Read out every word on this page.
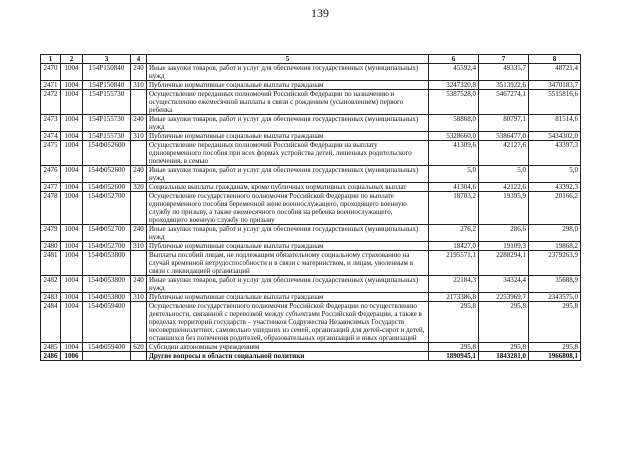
139
1	2	3	4	5	6	7	8
2470	1004	154Р150840	240	Иные закупки товаров, работ и услуг для обеспечения государственных (муниципальных) нужд	45592,4	49335,7	48721,4
2471	1004	154Р150840	310	Публичные нормативные социальные выплаты гражданам	3247320,8	3513922,6	3470183,7
2472	1004	154Р155730		Осуществление переданных полномочий Российской Федерации по назначению и осуществлению ежемесячной выплаты в связи с рождением (усыновлением) первого ребенка	5387528,0	5467274,1	5515816,6
2473	1004	154Р155730	240	Иные закупки товаров, работ и услуг для обеспечения государственных (муниципальных) нужд	58868,0	80797,1	81514,6
2474	1004	154Р155730	310	Публичные нормативные социальные выплаты гражданам	5328660,0	5386477,0	5434302,0
2475	1004	154Ф052600		Осуществление переданных полномочий Российской Федерации на выплату единовременного пособия при всех формах устройства детей, лишенных родительского попечения, в семью	41309,6	42127,6	43397,3
2476	1004	154Ф052600	240	Иные закупки товаров, работ и услуг для обеспечения государственных (муниципальных) нужд	5,0	5,0	5,0
2477	1004	154Ф052600	320	Социальные выплаты гражданам, кроме публичных нормативных социальных выплат	41304,6	42122,6	43392,3
2478	1004	154Ф052700		Осуществление государственного полномочия Российской Федерации по выплате единовременного пособия беременной жене военнослужащего, проходящего военную службу по призыву, а также ежемесячного пособия на ребенка военнослужащего, проходящего военную службу по призыву	18703,2	19395,9	20166,2
2479	1004	154Ф052700	240	Иные закупки товаров, работ и услуг для обеспечения государственных (муниципальных) нужд	276,2	286,6	298,0
2480	1004	154Ф052700	310	Публичные нормативные социальные выплаты гражданам	18427,0	19109,3	19868,2
2481	1004	154Ф053800		Выплаты пособий лицам, не подлежащим обязательному социальному страхованию на случай временной нетрудоспособности и в связи с материнством, и лицам, уволенным в связи с ликвидацией организаций	2195571,1	2288294,1	2379263,9
2482	1004	154Ф053800	240	Иные закупки товаров, работ и услуг для обеспечения государственных (муниципальных) нужд	22184,3	34324,4	35688,9
2483	1004	154Ф053800	310	Публичные нормативные социальные выплаты гражданам	2173386,8	2253969,7	2343575,0
2484	1004	154Ф059400		Осуществление государственного полномочия Российской Федерации по осуществлению деятельности, связанной с перевозкой между субъектами Российской Федерации, а также в пределах территорий государств – участников Содружества Независимых Государств несовершеннолетних, самовольно ушедших из семей, организаций для детей-сирот и детей, оставшихся без попечения родителей, образовательных организаций и иных организаций	295,8	295,8	295,8
2485	1004	154Ф059400	620	Субсидии автономным учреждениям	295,8	295,8	295,8
2486	1006			Другие вопросы в области социальной политики	1890945,1	1843281,0	1966808,1
